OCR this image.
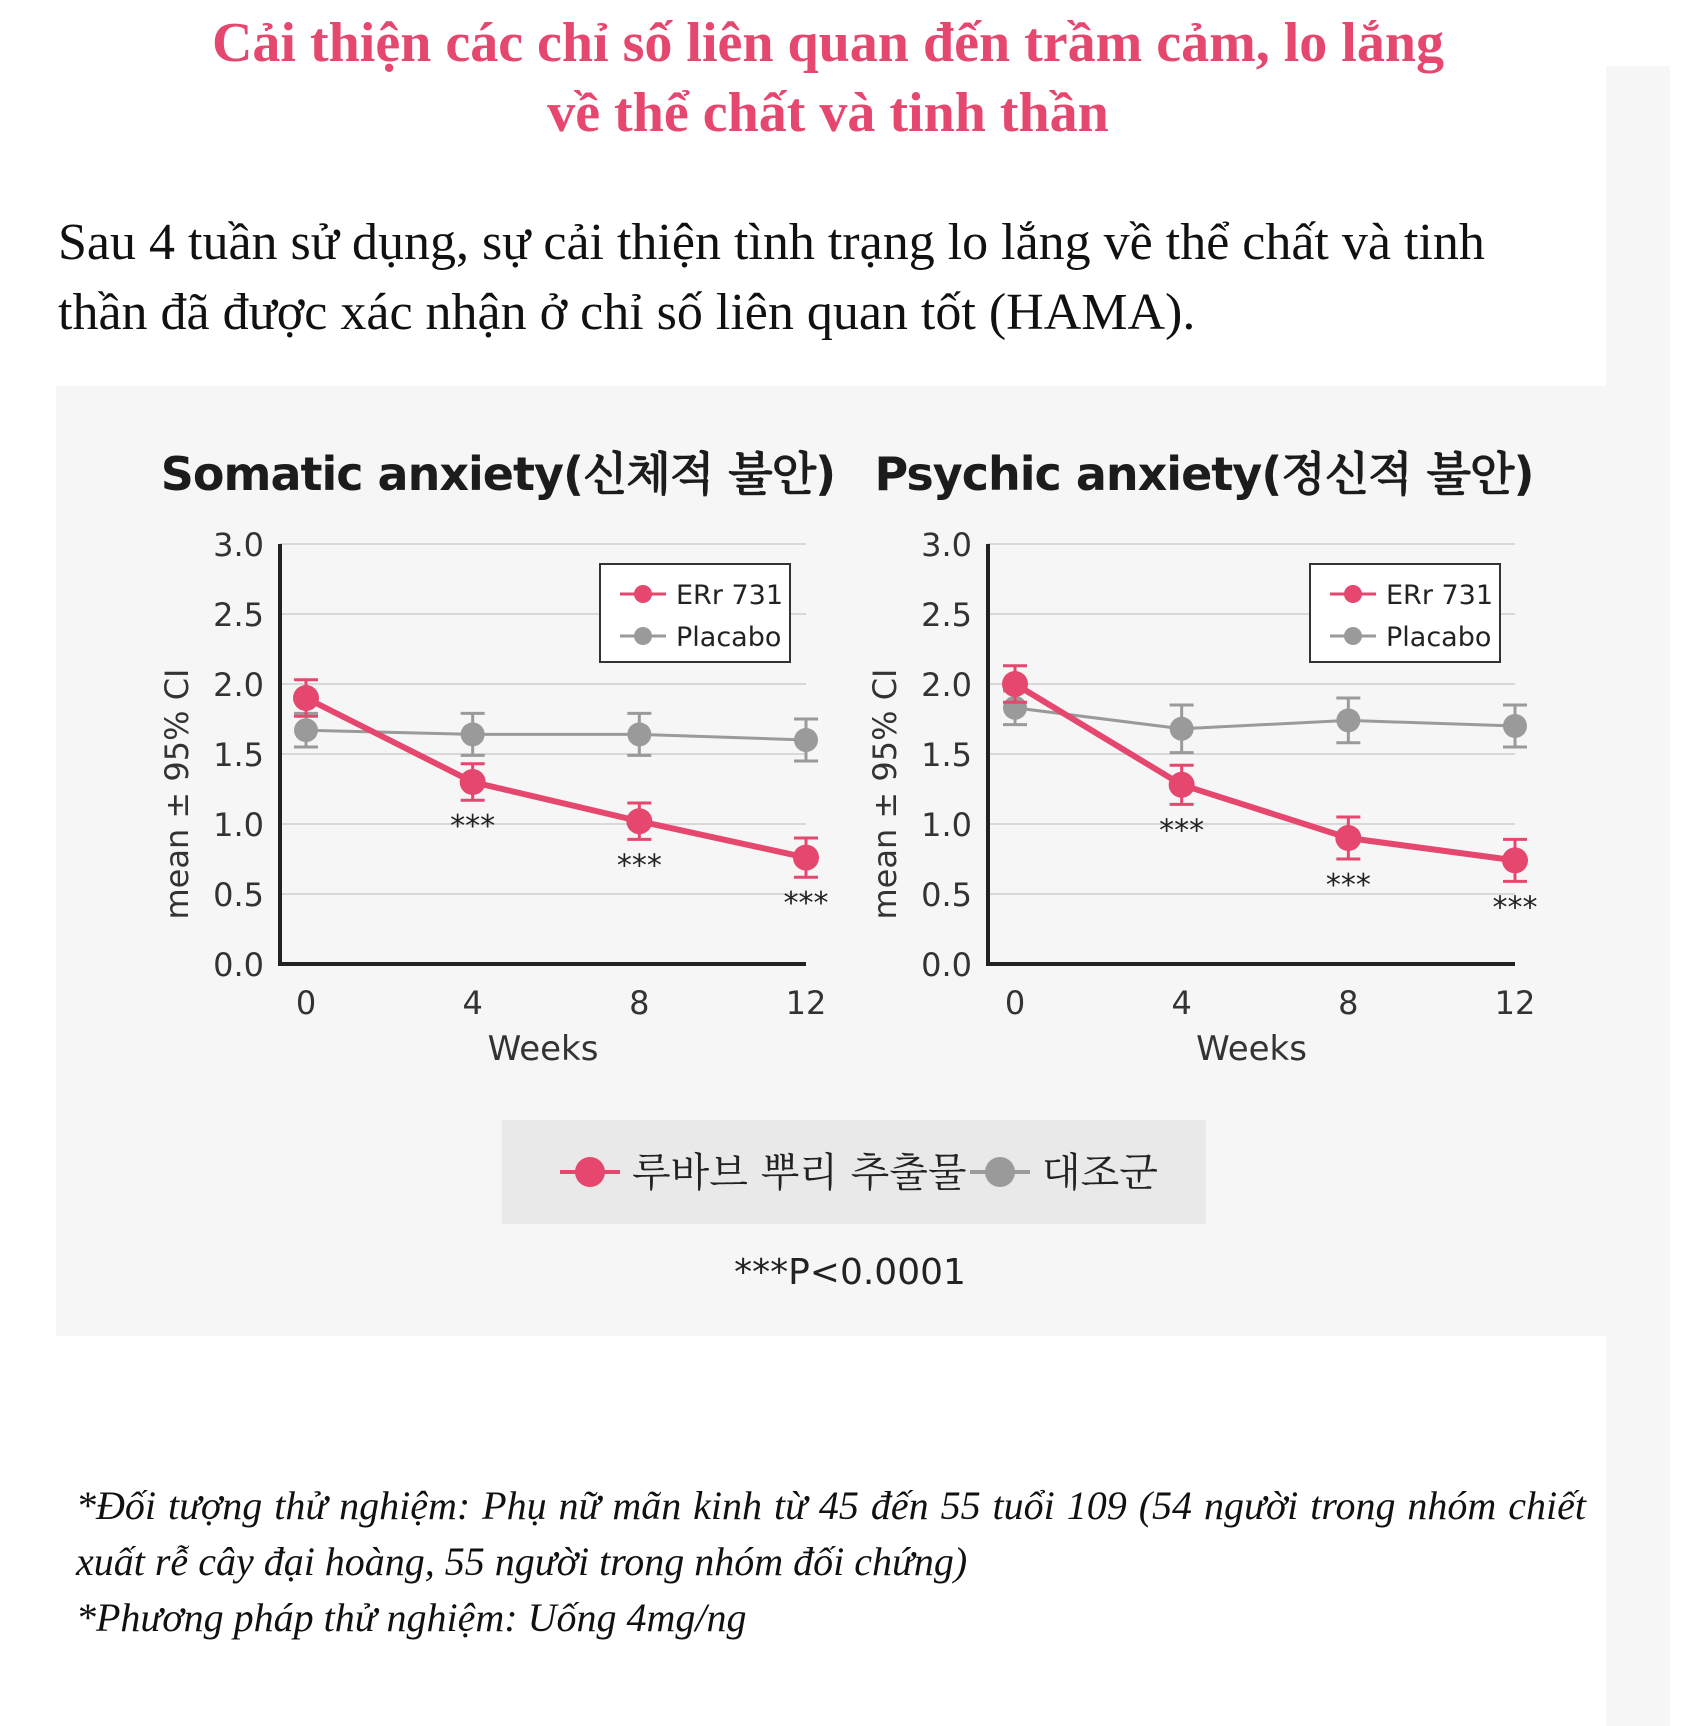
Cải thiện các chỉ số liên quan đến trầm cảm, lo lắng
về thể chất và tinh thần

Sau 4 tuần sử dụng, sự cải thiện tình trạng lo lắng về thể chất và tinh
thần đã được xác nhận ở chỉ số liên quan tốt (HAMA).

Somatic anxiety(신체적 불안)
0.0
0.5
1.0
1.5
2.0
2.5
3.0
0	4	8	12
Weeks
mean ± 95% CI	***
***
***
ERr 731
Placabo
Psychic anxiety(정신적 불안)
0.0
0.5
1.0
1.5
2.0
2.5
3.0
0	4	8	12
Weeks
mean ± 95% CI	***
***
***
ERr 731
Placabo
루바브 뿌리 추출물 대조군
***P<0.0001

*Đối tượng thử nghiệm: Phụ nữ mãn kinh từ 45 đến 55 tuổi 109 (54 người trong nhóm chiết xuất rễ cây đại hoàng, 55 người trong nhóm đối chứng)

*Phương pháp thử nghiệm: Uống 4mg/ng
